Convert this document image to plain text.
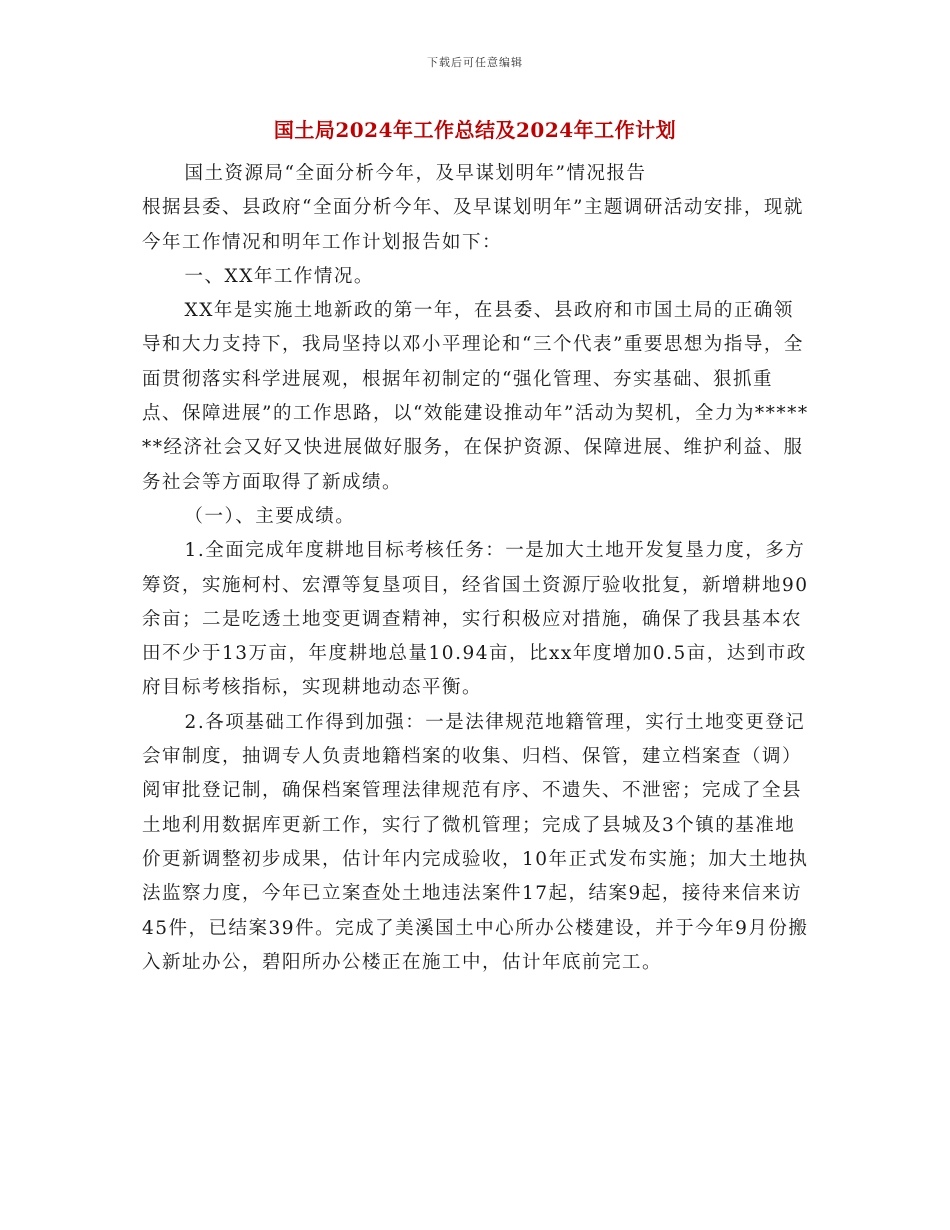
下载后可任意编辑
国土局2024年工作总结及2024年工作计划

国土资源局“全面分析今年，及早谋划明年”情况报告

根据县委、县政府“全面分析今年、及早谋划明年”主题调研活动安排，现就今年工作情况和明年工作计划报告如下：

一、XX年工作情况。

XX年是实施土地新政的第一年，在县委、县政府和市国土局的正确领导和大力支持下，我局坚持以邓小平理论和“三个代表”重要思想为指导，全面贯彻落实科学进展观，根据年初制定的“强化管理、夯实基础、狠抓重点、保障进展”的工作思路，以“效能建设推动年”活动为契机，全力为*******经济社会又好又快进展做好服务，在保护资源、保障进展、维护利益、服务社会等方面取得了新成绩。

（一）、主要成绩。

1.全面完成年度耕地目标考核任务：一是加大土地开发复垦力度，多方筹资，实施柯村、宏潭等复垦项目，经省国土资源厅验收批复，新增耕地90余亩；二是吃透土地变更调查精神，实行积极应对措施，确保了我县基本农田不少于13万亩，年度耕地总量10.94亩，比xx年度增加0.5亩，达到市政府目标考核指标，实现耕地动态平衡。

2.各项基础工作得到加强：一是法律规范地籍管理，实行土地变更登记会审制度，抽调专人负责地籍档案的收集、归档、保管，建立档案查（调）阅审批登记制，确保档案管理法律规范有序、不遗失、不泄密；完成了全县土地利用数据库更新工作，实行了微机管理；完成了县城及3个镇的基准地价更新调整初步成果，估计年内完成验收，10年正式发布实施；加大土地执法监察力度，今年已立案查处土地违法案件17起，结案9起，接待来信来访45件，已结案39件。完成了美溪国土中心所办公楼建设，并于今年9月份搬入新址办公，碧阳所办公楼正在施工中，估计年底前完工。
